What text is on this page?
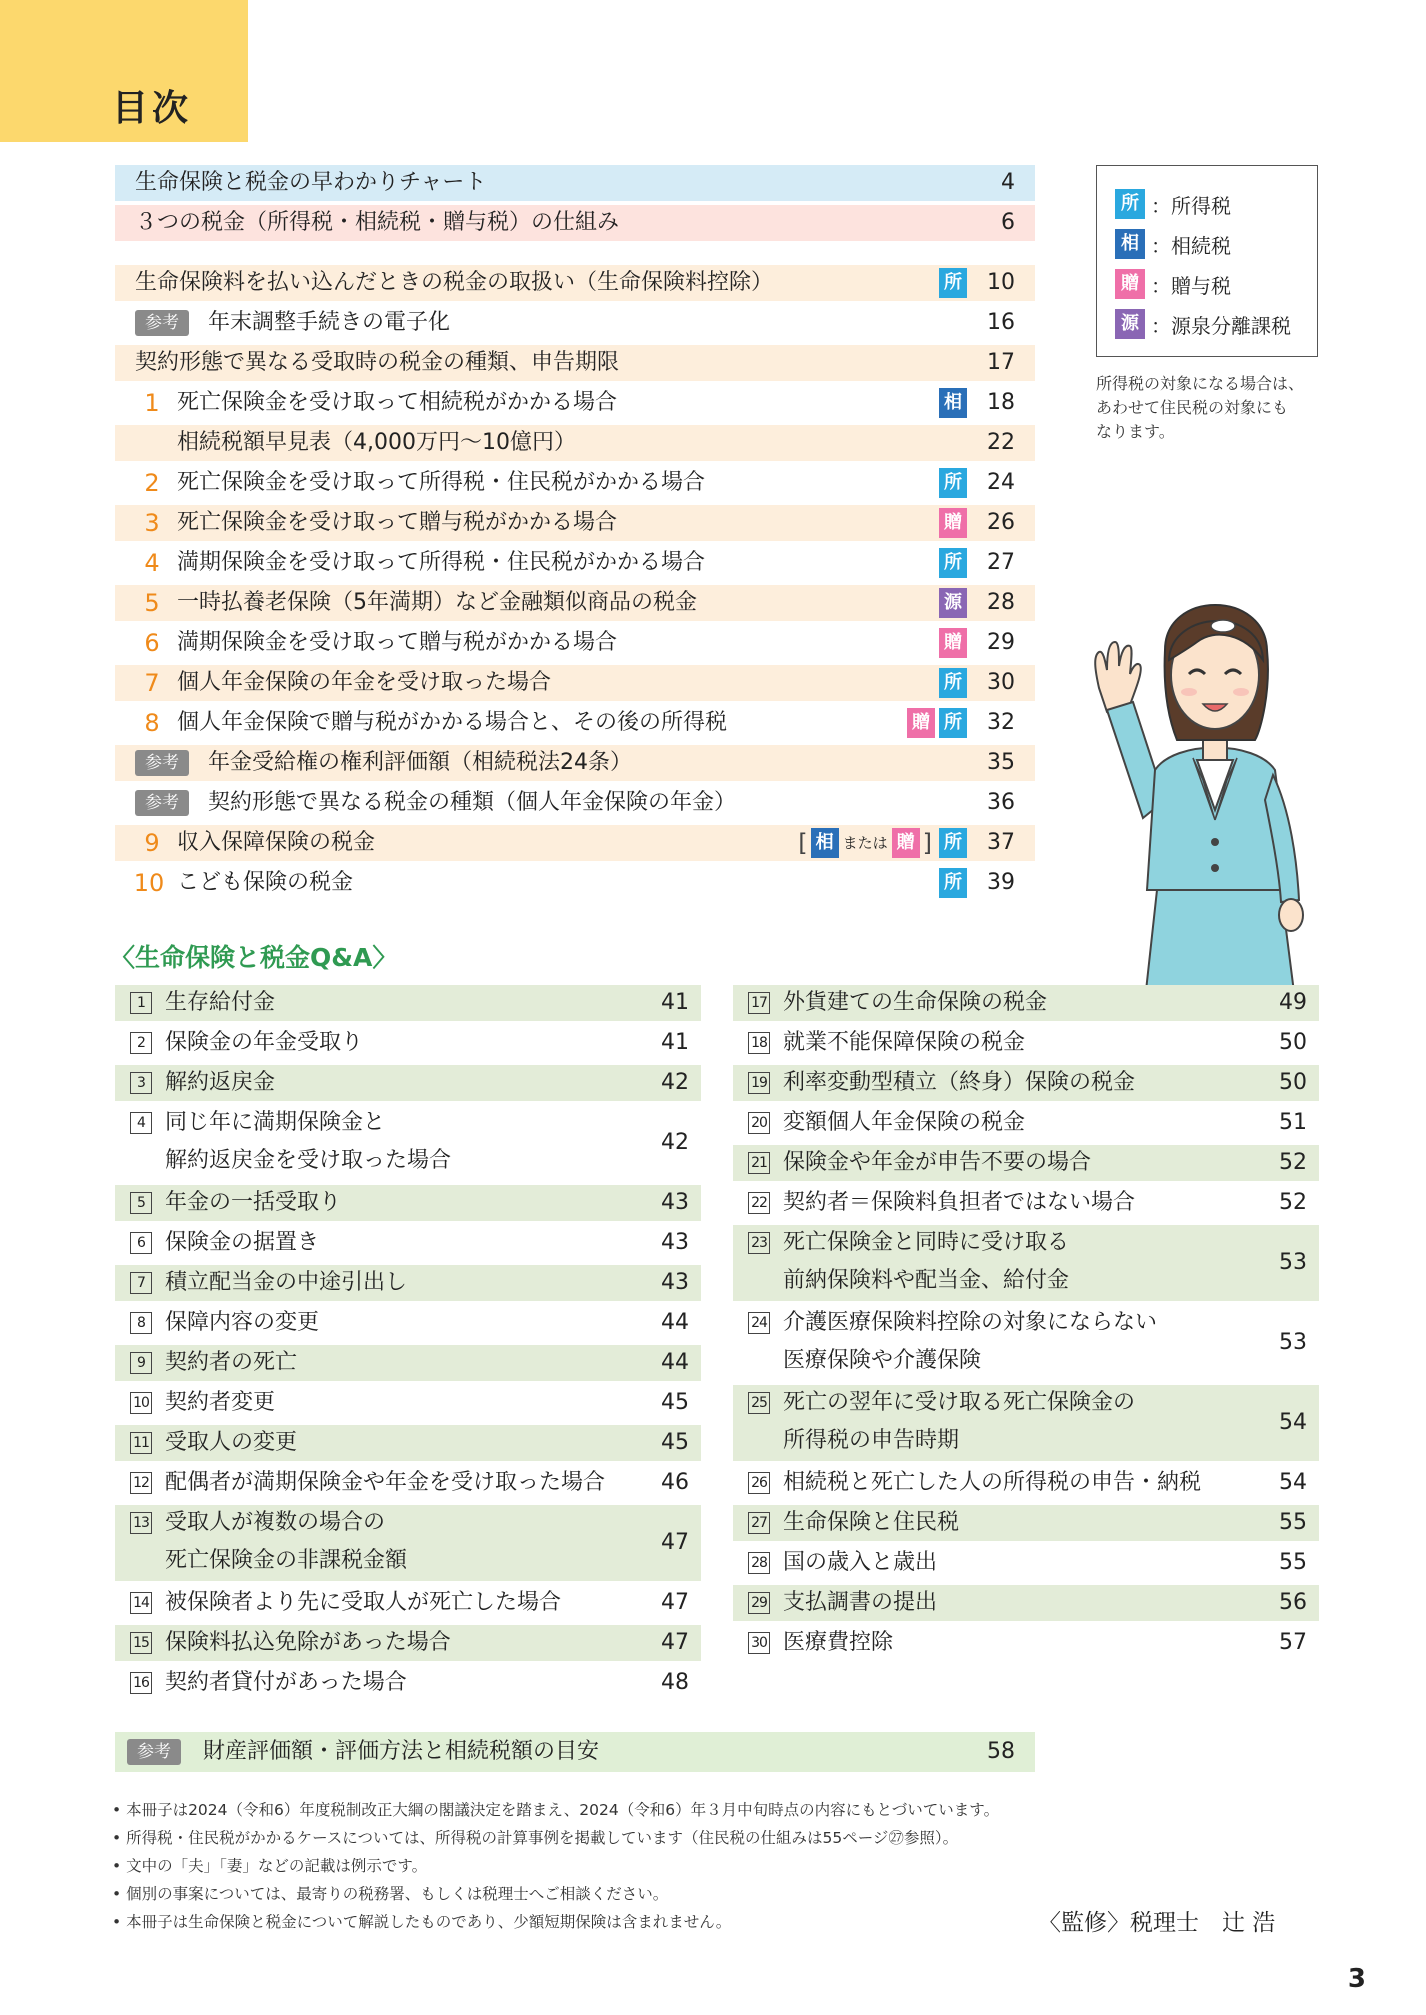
目次
生命保険と税金の早わかりチャート	4
３つの税金（所得税・相続税・贈与税）の仕組み	6
生命保険料を払い込んだときの税金の取扱い（生命保険料控除）	所 10
参考	年末調整手続きの電子化	16
契約形態で異なる受取時の税金の種類、申告期限	17
1 死亡保険金を受け取って相続税がかかる場合	相 18
相続税額早見表（4,000万円〜10億円）	22
2 死亡保険金を受け取って所得税・住民税がかかる場合	所 24
3 死亡保険金を受け取って贈与税がかかる場合	贈 26
4 満期保険金を受け取って所得税・住民税がかかる場合	所 27
5 一時払養老保険（5年満期）など金融類似商品の税金	源 28
6 満期保険金を受け取って贈与税がかかる場合	贈 29
7 個人年金保険の年金を受け取った場合	所 30
8 個人年金保険で贈与税がかかる場合と、その後の所得税	贈 所 32
参考	年金受給権の権利評価額（相続税法24条）	35
参考	契約形態で異なる税金の種類（個人年金保険の年金）	36
9 収入保障保険の税金	[ 相 または 贈 ] 所 37
10 こども保険の税金	所 39
所 ：所得税
相 ：相続税
贈 ：贈与税
源 ：源泉分離課税
所得税の対象になる場合は、
あわせて住民税の対象にも
なります。
〈生命保険と税金Q&A〉
1 生存給付金	41
2 保険金の年金受取り	41
3 解約返戻金	42
4 同じ年に満期保険金と
解約返戻金を受け取った場合
42
5 年金の一括受取り	43
6 保険金の据置き	43
7 積立配当金の中途引出し	43
8 保障内容の変更	44
9 契約者の死亡	44
10 契約者変更	45
11 受取人の変更	45
12 配偶者が満期保険金や年金を受け取った場合	46
13 受取人が複数の場合の
死亡保険金の非課税金額
47
14 被保険者より先に受取人が死亡した場合	47
15 保険料払込免除があった場合	47
16 契約者貸付があった場合	48
17 外貨建ての生命保険の税金	49
18 就業不能保障保険の税金	50
19 利率変動型積立（終身）保険の税金	50
20 変額個人年金保険の税金	51
21 保険金や年金が申告不要の場合	52
22 契約者＝保険料負担者ではない場合	52
23 死亡保険金と同時に受け取る
前納保険料や配当金、給付金
53
24 介護医療保険料控除の対象にならない
医療保険や介護保険
53
25 死亡の翌年に受け取る死亡保険金の
所得税の申告時期
54
26 相続税と死亡した人の所得税の申告・納税	54
27 生命保険と住民税	55
28 国の歳入と歳出	55
29 支払調書の提出	56
30 医療費控除	57
参考	財産評価額・評価方法と相続税額の目安	58
• 本冊子は2024（令和6）年度税制改正大綱の閣議決定を踏まえ、2024（令和6）年３月中旬時点の内容にもとづいています。
• 所得税・住民税がかかるケースについては、所得税の計算事例を掲載しています（住民税の仕組みは55ページ㉗参照）。
• 文中の「夫」「妻」などの記載は例示です。
• 個別の事案については、最寄りの税務署、もしくは税理士へご相談ください。
• 本冊子は生命保険と税金について解説したものであり、少額短期保険は含まれません。	〈監修〉税理士　辻 浩
3
